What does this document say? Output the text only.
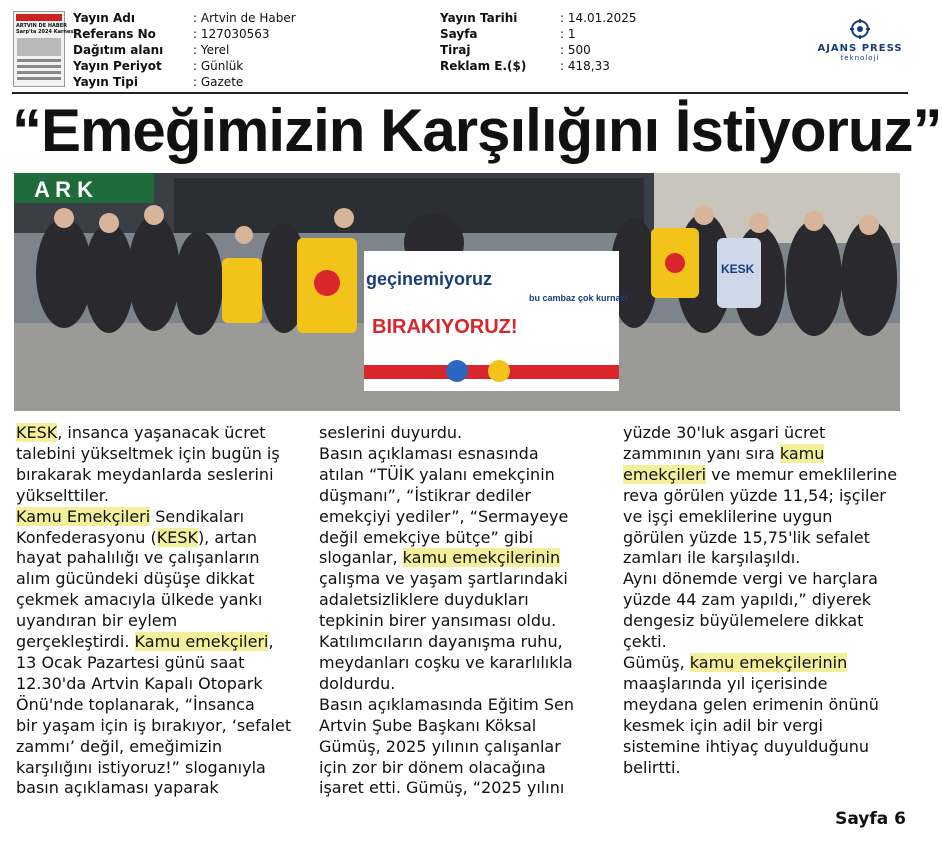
ARTVIN DE HABER
Sarp'ta 2024 Karnesi
Yayın Adı	: Artvin de Haber
Referans No	: 127030563
Dağıtım alanı	: Yerel
Yayın Periyot	: Günlük
Yayın Tipi	: Gazete
Yayın Tarihi	: 14.01.2025
Sayfa	: 1
Tiraj	: 500
Reklam E.($)	: 418,33
AJANS PRESS
teknoloji
“Emeğimizin Karşılığını İstiyoruz”
A R K
KESK
geçinemiyoruz
BIRAKIYORUZ!
bu cambaz çok kurnaz!

KESK, insanca yaşanacak ücret

talebini yükseltmek için bugün iş

bırakarak meydanlarda seslerini

yükselttiler.

Kamu Emekçileri Sendikaları

Konfederasyonu (KESK), artan

hayat pahalılığı ve çalışanların

alım gücündeki düşüşe dikkat

çekmek amacıyla ülkede yankı

uyandıran bir eylem

gerçekleştirdi. Kamu emekçileri,

13 Ocak Pazartesi günü saat

12.30'da Artvin Kapalı Otopark

Önü'nde toplanarak, “İnsanca

bir yaşam için iş bırakıyor, ‘sefalet

zammı’ değil, emeğimizin

karşılığını istiyoruz!” sloganıyla

basın açıklaması yaparak

seslerini duyurdu.

Basın açıklaması esnasında

atılan “TÜİK yalanı emekçinin

düşmanı”, “İstikrar dediler

emekçiyi yediler”, “Sermayeye

değil emekçiye bütçe” gibi

sloganlar, kamu emekçilerinin

çalışma ve yaşam şartlarındaki

adaletsizliklere duydukları

tepkinin birer yansıması oldu.

Katılımcıların dayanışma ruhu,

meydanları coşku ve kararlılıkla

doldurdu.

Basın açıklamasında Eğitim Sen

Artvin Şube Başkanı Köksal

Gümüş, 2025 yılının çalışanlar

için zor bir dönem olacağına

işaret etti. Gümüş, “2025 yılını

yüzde 30'luk asgari ücret

zammının yanı sıra kamu

emekçileri ve memur emeklilerine

reva görülen yüzde 11,54; işçiler

ve işçi emeklilerine uygun

görülen yüzde 15,75'lik sefalet

zamları ile karşılaşıldı.

Aynı dönemde vergi ve harçlara

yüzde 44 zam yapıldı,” diyerek

dengesiz büyülemelere dikkat

çekti.

Gümüş, kamu emekçilerinin

maaşlarında yıl içerisinde

meydana gelen erimenin önünü

kesmek için adil bir vergi

sistemine ihtiyaç duyulduğunu

belirtti.

Sayfa 6
